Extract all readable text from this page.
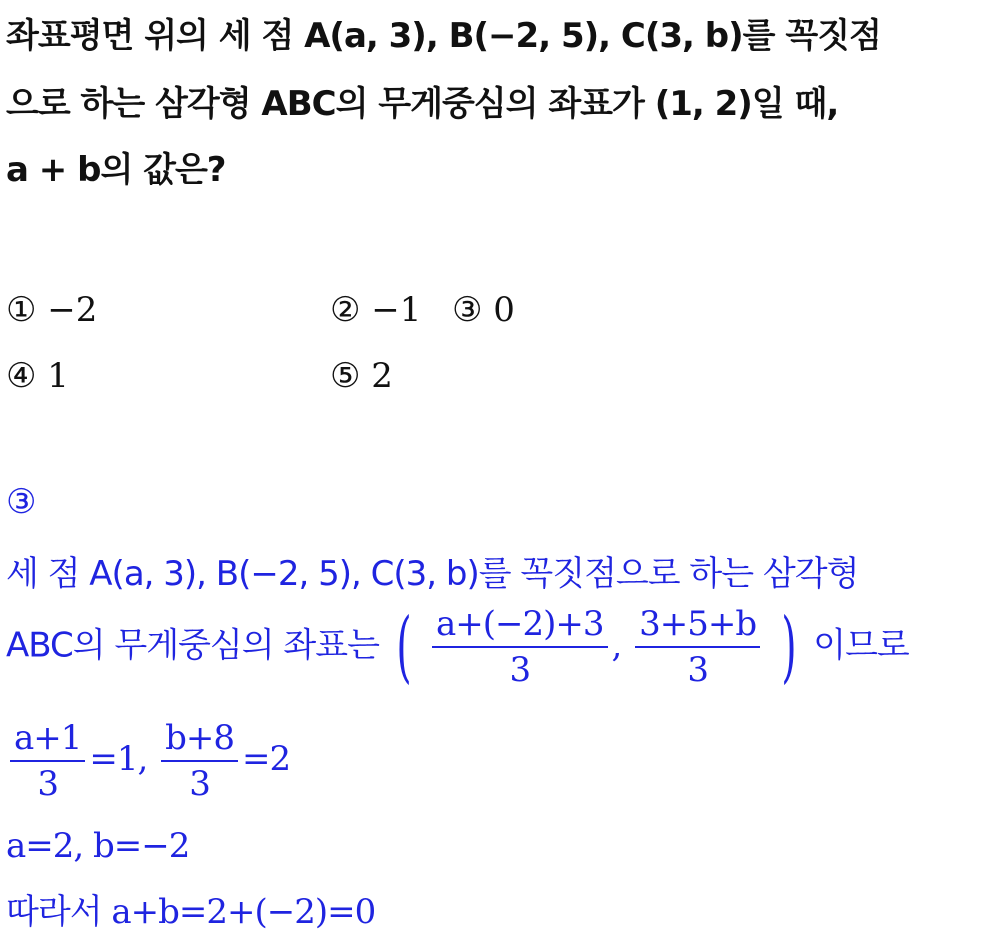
좌표평면 위의 세 점 A(a, 3), B(−2, 5), C(3, b)를 꼭짓점
으로 하는 삼각형 ABC의 무게중심의 좌표가 (1, 2)일 때,
a + b의 값은?
① −2	② −1 ③ 0
④ 1	⑤ 2
③
세 점 A(a, 3), B(−2, 5), C(3, b)를 꼭짓점으로 하는 삼각형
ABC의 무게중심의 좌표는 ( $\frac{a+(-2)+3}{3}$ , $\frac{3+5+b}{3}$ ) 이므로
$\frac{a+1}{3} =1$, $\frac{b+8}{3} =2$
a=2, b=−2
따라서 a+b=2+(−2)=0
